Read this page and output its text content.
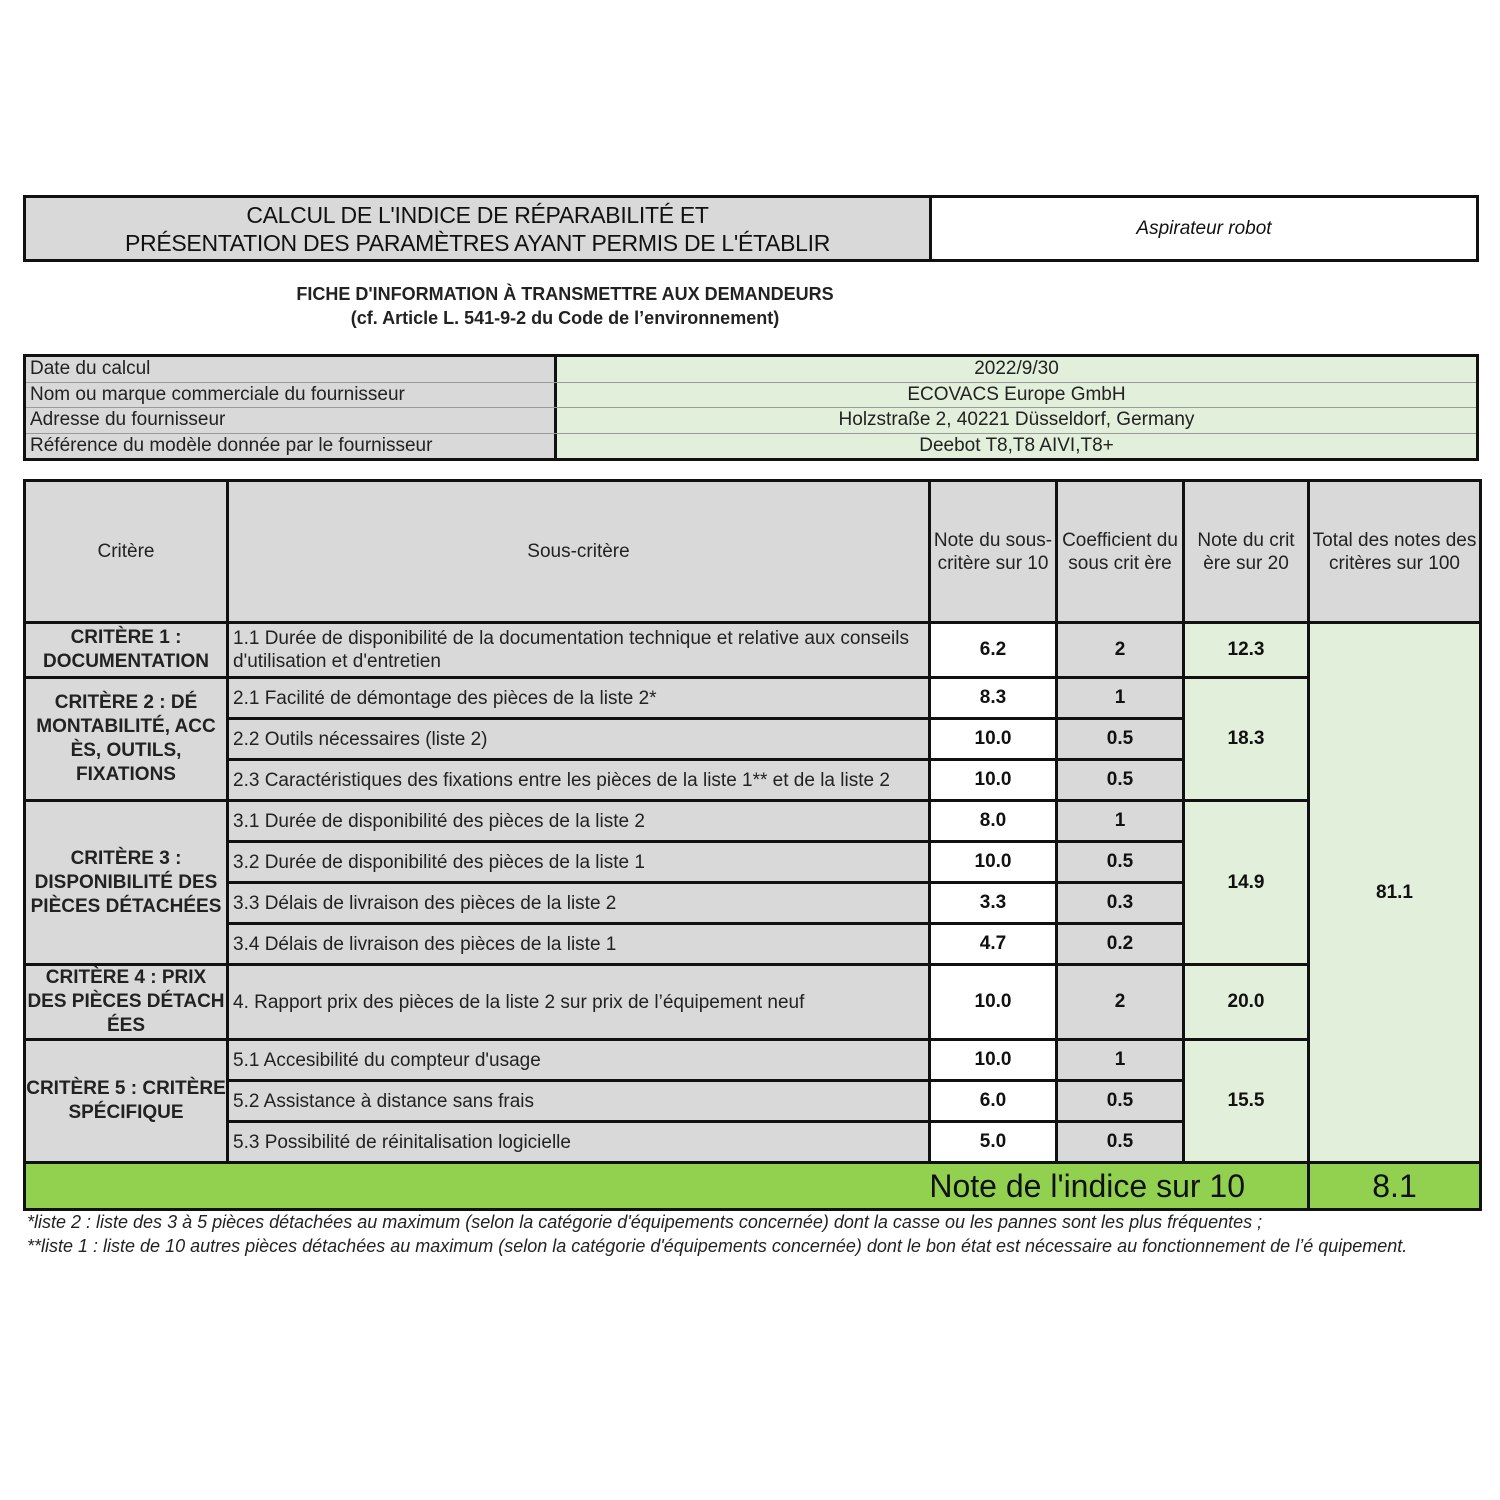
CALCUL DE L'INDICE DE RÉPARABILITÉ ET
PRÉSENTATION DES PARAMÈTRES AYANT PERMIS DE L'ÉTABLIR
Aspirateur robot
FICHE D'INFORMATION À TRANSMETTRE AUX DEMANDEURS
(cf. Article L. 541-9-2 du Code de l’environnement)
Date du calcul	2022/9/30
Nom ou marque commerciale du fournisseur	ECOVACS Europe GmbH
Adresse du fournisseur	Holzstraße 2, 40221 Düsseldorf, Germany
Référence du modèle donnée par le fournisseur	Deebot T8,T8 AIVI,T8+
Critère	Sous-critère	Note du sous-critère sur 10	Coefficient du sous crit ère	Note du crit ère sur 20	Total des notes des critères sur 100
CRITÈRE 1 : DOCUMENTATION	1.1 Durée de disponibilité de la documentation technique et relative aux conseils d'utilisation et d'entretien	6.2	2	12.3	81.1
CRITÈRE 2 : DÉ MONTABILITÉ, ACC ÈS, OUTILS, FIXATIONS	2.1 Facilité de démontage des pièces de la liste 2*	8.3	1	18.3	
	2.2 Outils nécessaires (liste 2)	10.0	0.5		
	2.3 Caractéristiques des fixations entre les pièces de la liste 1** et de la liste 2	10.0	0.5		
CRITÈRE 3 : DISPONIBILITÉ DES PIÈCES DÉTACHÉES	3.1 Durée de disponibilité des pièces de la liste 2	8.0	1	14.9	
	3.2 Durée de disponibilité des pièces de la liste 1	10.0	0.5		
	3.3 Délais de livraison des pièces de la liste 2	3.3	0.3		
	3.4 Délais de livraison des pièces de la liste 1	4.7	0.2		
CRITÈRE 4 : PRIX DES PIÈCES DÉTACH ÉES	4. Rapport prix des pièces de la liste 2 sur prix de l’équipement neuf	10.0	2	20.0	
CRITÈRE 5 : CRITÈRE SPÉCIFIQUE	5.1 Accesibilité du compteur d'usage	10.0	1	15.5	
	5.2 Assistance à distance sans frais	6.0	0.5		
	5.3 Possibilité de réinitalisation logicielle	5.0	0.5		
Note de l'indice sur 10					8.1
*liste 2 : liste des 3 à 5 pièces détachées au maximum (selon la catégorie d'équipements concernée) dont la casse ou les pannes sont les plus fréquentes ;
**liste 1 : liste de 10 autres pièces détachées au maximum (selon la catégorie d'équipements concernée) dont le bon état est nécessaire au fonctionnement de l’é quipement.
